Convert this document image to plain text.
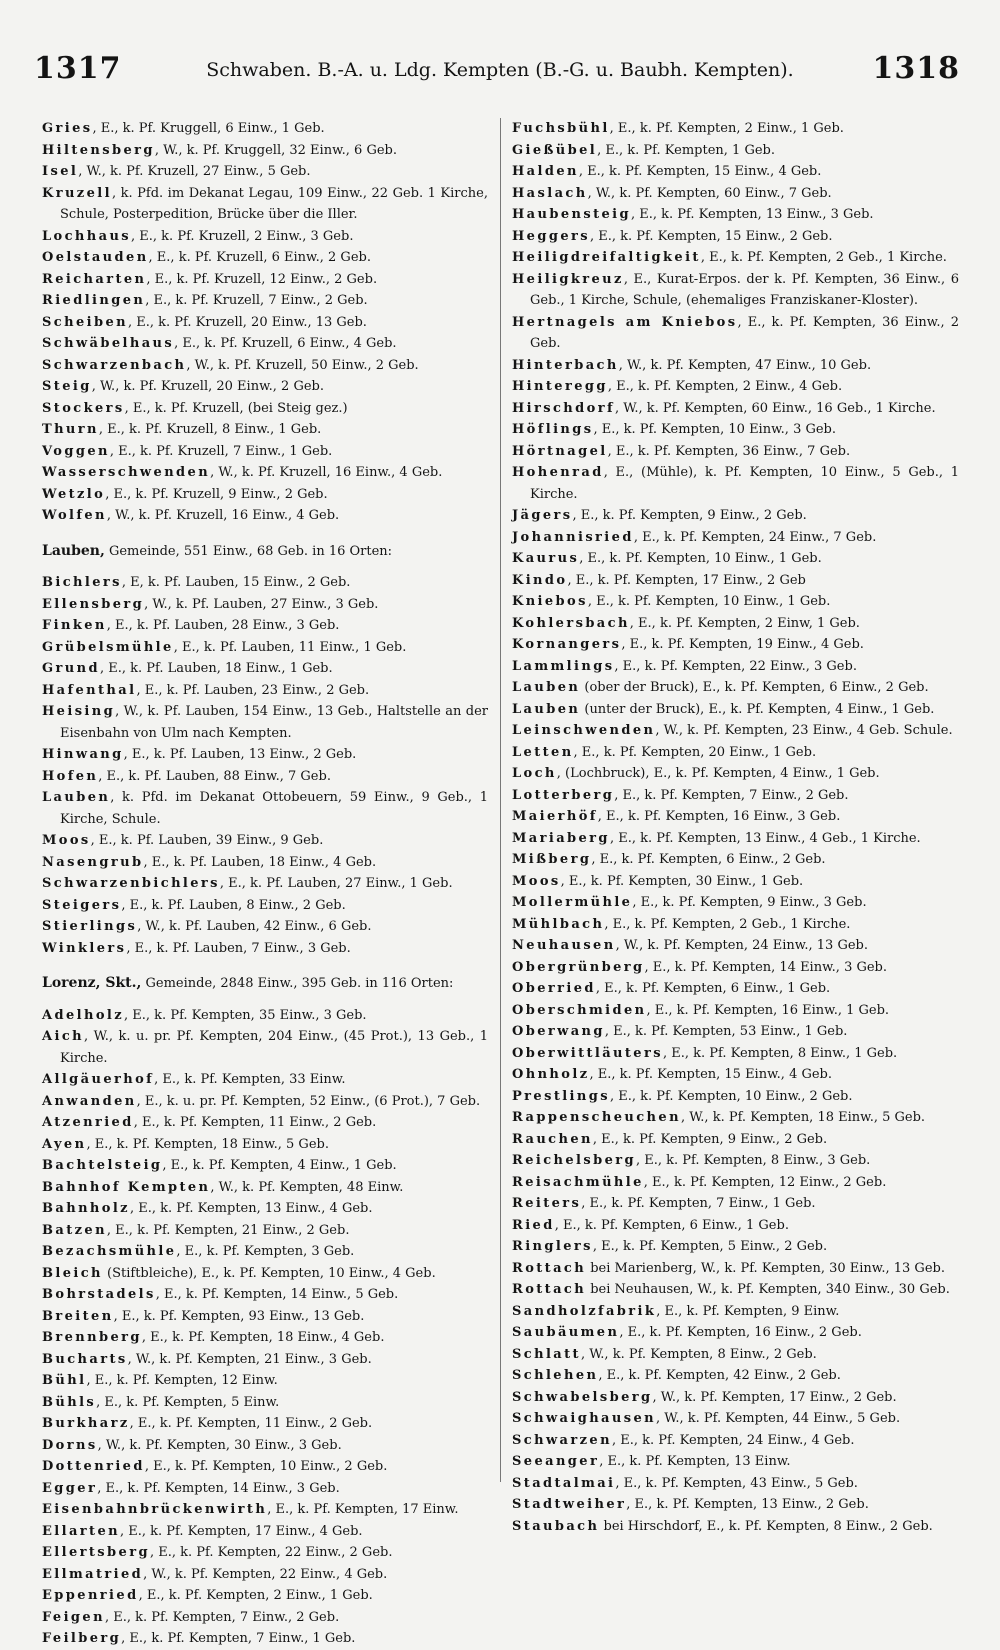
1317	Schwaben. B.-A. u. Ldg. Kempten (B.-G. u. Baubh. Kempten).	1318
Gries, E., k. Pf. Kruggell, 6 Einw., 1 Geb.
Hiltensberg, W., k. Pf. Kruggell, 32 Einw., 6 Geb.
Isel, W., k. Pf. Kruzell, 27 Einw., 5 Geb.
Kruzell, k. Pfd. im Dekanat Legau, 109 Einw., 22 Geb. 1 Kirche, Schule, Posterpedition, Brücke über die Iller.
Lochhaus, E., k. Pf. Kruzell, 2 Einw., 3 Geb.
Oelstauden, E., k. Pf. Kruzell, 6 Einw., 2 Geb.
Reicharten, E., k. Pf. Kruzell, 12 Einw., 2 Geb.
Riedlingen, E., k. Pf. Kruzell, 7 Einw., 2 Geb.
Scheiben, E., k. Pf. Kruzell, 20 Einw., 13 Geb.
Schwäbelhaus, E., k. Pf. Kruzell, 6 Einw., 4 Geb.
Schwarzenbach, W., k. Pf. Kruzell, 50 Einw., 2 Geb.
Steig, W., k. Pf. Kruzell, 20 Einw., 2 Geb.
Stockers, E., k. Pf. Kruzell, (bei Steig gez.)
Thurn, E., k. Pf. Kruzell, 8 Einw., 1 Geb.
Voggen, E., k. Pf. Kruzell, 7 Einw., 1 Geb.
Wasserschwenden, W., k. Pf. Kruzell, 16 Einw., 4 Geb.
Wetzlo, E., k. Pf. Kruzell, 9 Einw., 2 Geb.
Wolfen, W., k. Pf. Kruzell, 16 Einw., 4 Geb.
Lauben, Gemeinde, 551 Einw., 68 Geb. in 16 Orten:
Bichlers, E, k. Pf. Lauben, 15 Einw., 2 Geb.
Ellensberg, W., k. Pf. Lauben, 27 Einw., 3 Geb.
Finken, E., k. Pf. Lauben, 28 Einw., 3 Geb.
Grübelsmühle, E., k. Pf. Lauben, 11 Einw., 1 Geb.
Grund, E., k. Pf. Lauben, 18 Einw., 1 Geb.
Hafenthal, E., k. Pf. Lauben, 23 Einw., 2 Geb.
Heising, W., k. Pf. Lauben, 154 Einw., 13 Geb., Haltstelle an der Eisenbahn von Ulm nach Kempten.
Hinwang, E., k. Pf. Lauben, 13 Einw., 2 Geb.
Hofen, E., k. Pf. Lauben, 88 Einw., 7 Geb.
Lauben, k. Pfd. im Dekanat Ottobeuern, 59 Einw., 9 Geb., 1 Kirche, Schule.
Moos, E., k. Pf. Lauben, 39 Einw., 9 Geb.
Nasengrub, E., k. Pf. Lauben, 18 Einw., 4 Geb.
Schwarzenbichlers, E., k. Pf. Lauben, 27 Einw., 1 Geb.
Steigers, E., k. Pf. Lauben, 8 Einw., 2 Geb.
Stierlings, W., k. Pf. Lauben, 42 Einw., 6 Geb.
Winklers, E., k. Pf. Lauben, 7 Einw., 3 Geb.
Lorenz, Skt., Gemeinde, 2848 Einw., 395 Geb. in 116 Orten:
Adelholz, E., k. Pf. Kempten, 35 Einw., 3 Geb.
Aich, W., k. u. pr. Pf. Kempten, 204 Einw., (45 Prot.), 13 Geb., 1 Kirche.
Allgäuerhof, E., k. Pf. Kempten, 33 Einw.
Anwanden, E., k. u. pr. Pf. Kempten, 52 Einw., (6 Prot.), 7 Geb.
Atzenried, E., k. Pf. Kempten, 11 Einw., 2 Geb.
Ayen, E., k. Pf. Kempten, 18 Einw., 5 Geb.
Bachtelsteig, E., k. Pf. Kempten, 4 Einw., 1 Geb.
Bahnhof Kempten, W., k. Pf. Kempten, 48 Einw.
Bahnholz, E., k. Pf. Kempten, 13 Einw., 4 Geb.
Batzen, E., k. Pf. Kempten, 21 Einw., 2 Geb.
Bezachsmühle, E., k. Pf. Kempten, 3 Geb.
Bleich (Stiftbleiche), E., k. Pf. Kempten, 10 Einw., 4 Geb.
Bohrstadels, E., k. Pf. Kempten, 14 Einw., 5 Geb.
Breiten, E., k. Pf. Kempten, 93 Einw., 13 Geb.
Brennberg, E., k. Pf. Kempten, 18 Einw., 4 Geb.
Bucharts, W., k. Pf. Kempten, 21 Einw., 3 Geb.
Bühl, E., k. Pf. Kempten, 12 Einw.
Bühls, E., k. Pf. Kempten, 5 Einw.
Burkharz, E., k. Pf. Kempten, 11 Einw., 2 Geb.
Dorns, W., k. Pf. Kempten, 30 Einw., 3 Geb.
Dottenried, E., k. Pf. Kempten, 10 Einw., 2 Geb.
Egger, E., k. Pf. Kempten, 14 Einw., 3 Geb.
Eisenbahnbrückenwirth, E., k. Pf. Kempten, 17 Einw.
Ellarten, E., k. Pf. Kempten, 17 Einw., 4 Geb.
Ellertsberg, E., k. Pf. Kempten, 22 Einw., 2 Geb.
Ellmatried, W., k. Pf. Kempten, 22 Einw., 4 Geb.
Eppenried, E., k. Pf. Kempten, 2 Einw., 1 Geb.
Feigen, E., k. Pf. Kempten, 7 Einw., 2 Geb.
Feilberg, E., k. Pf. Kempten, 7 Einw., 1 Geb.
Fuchsbühl, E., k. Pf. Kempten, 2 Einw., 1 Geb.
Gießübel, E., k. Pf. Kempten, 1 Geb.
Halden, E., k. Pf. Kempten, 15 Einw., 4 Geb.
Haslach, W., k. Pf. Kempten, 60 Einw., 7 Geb.
Haubensteig, E., k. Pf. Kempten, 13 Einw., 3 Geb.
Heggers, E., k. Pf. Kempten, 15 Einw., 2 Geb.
Heiligdreifaltigkeit, E., k. Pf. Kempten, 2 Geb., 1 Kirche.
Heiligkreuz, E., Kurat-Erpos. der k. Pf. Kempten, 36 Einw., 6 Geb., 1 Kirche, Schule, (ehemaliges Franziskaner-Kloster).
Hertnagels am Kniebos, E., k. Pf. Kempten, 36 Einw., 2 Geb.
Hinterbach, W., k. Pf. Kempten, 47 Einw., 10 Geb.
Hinteregg, E., k. Pf. Kempten, 2 Einw., 4 Geb.
Hirschdorf, W., k. Pf. Kempten, 60 Einw., 16 Geb., 1 Kirche.
Höflings, E., k. Pf. Kempten, 10 Einw., 3 Geb.
Hörtnagel, E., k. Pf. Kempten, 36 Einw., 7 Geb.
Hohenrad, E., (Mühle), k. Pf. Kempten, 10 Einw., 5 Geb., 1 Kirche.
Jägers, E., k. Pf. Kempten, 9 Einw., 2 Geb.
Johannisried, E., k. Pf. Kempten, 24 Einw., 7 Geb.
Kaurus, E., k. Pf. Kempten, 10 Einw., 1 Geb.
Kindo, E., k. Pf. Kempten, 17 Einw., 2 Geb
Kniebos, E., k. Pf. Kempten, 10 Einw., 1 Geb.
Kohlersbach, E., k. Pf. Kempten, 2 Einw, 1 Geb.
Kornangers, E., k. Pf. Kempten, 19 Einw., 4 Geb.
Lammlings, E., k. Pf. Kempten, 22 Einw., 3 Geb.
Lauben (ober der Bruck), E., k. Pf. Kempten, 6 Einw., 2 Geb.
Lauben (unter der Bruck), E., k. Pf. Kempten, 4 Einw., 1 Geb.
Leinschwenden, W., k. Pf. Kempten, 23 Einw., 4 Geb. Schule.
Letten, E., k. Pf. Kempten, 20 Einw., 1 Geb.
Loch, (Lochbruck), E., k. Pf. Kempten, 4 Einw., 1 Geb.
Lotterberg, E., k. Pf. Kempten, 7 Einw., 2 Geb.
Maierhöf, E., k. Pf. Kempten, 16 Einw., 3 Geb.
Mariaberg, E., k. Pf. Kempten, 13 Einw., 4 Geb., 1 Kirche.
Mißberg, E., k. Pf. Kempten, 6 Einw., 2 Geb.
Moos, E., k. Pf. Kempten, 30 Einw., 1 Geb.
Mollermühle, E., k. Pf. Kempten, 9 Einw., 3 Geb.
Mühlbach, E., k. Pf. Kempten, 2 Geb., 1 Kirche.
Neuhausen, W., k. Pf. Kempten, 24 Einw., 13 Geb.
Obergrünberg, E., k. Pf. Kempten, 14 Einw., 3 Geb.
Oberried, E., k. Pf. Kempten, 6 Einw., 1 Geb.
Oberschmiden, E., k. Pf. Kempten, 16 Einw., 1 Geb.
Oberwang, E., k. Pf. Kempten, 53 Einw., 1 Geb.
Oberwittläuters, E., k. Pf. Kempten, 8 Einw., 1 Geb.
Ohnholz, E., k. Pf. Kempten, 15 Einw., 4 Geb.
Prestlings, E., k. Pf. Kempten, 10 Einw., 2 Geb.
Rappenscheuchen, W., k. Pf. Kempten, 18 Einw., 5 Geb.
Rauchen, E., k. Pf. Kempten, 9 Einw., 2 Geb.
Reichelsberg, E., k. Pf. Kempten, 8 Einw., 3 Geb.
Reisachmühle, E., k. Pf. Kempten, 12 Einw., 2 Geb.
Reiters, E., k. Pf. Kempten, 7 Einw., 1 Geb.
Ried, E., k. Pf. Kempten, 6 Einw., 1 Geb.
Ringlers, E., k. Pf. Kempten, 5 Einw., 2 Geb.
Rottach bei Marienberg, W., k. Pf. Kempten, 30 Einw., 13 Geb.
Rottach bei Neuhausen, W., k. Pf. Kempten, 340 Einw., 30 Geb.
Sandholzfabrik, E., k. Pf. Kempten, 9 Einw.
Saubäumen, E., k. Pf. Kempten, 16 Einw., 2 Geb.
Schlatt, W., k. Pf. Kempten, 8 Einw., 2 Geb.
Schlehen, E., k. Pf. Kempten, 42 Einw., 2 Geb.
Schwabelsberg, W., k. Pf. Kempten, 17 Einw., 2 Geb.
Schwaighausen, W., k. Pf. Kempten, 44 Einw., 5 Geb.
Schwarzen, E., k. Pf. Kempten, 24 Einw., 4 Geb.
Seeanger, E., k. Pf. Kempten, 13 Einw.
Stadtalmai, E., k. Pf. Kempten, 43 Einw., 5 Geb.
Stadtweiher, E., k. Pf. Kempten, 13 Einw., 2 Geb.
Staubach bei Hirschdorf, E., k. Pf. Kempten, 8 Einw., 2 Geb.
